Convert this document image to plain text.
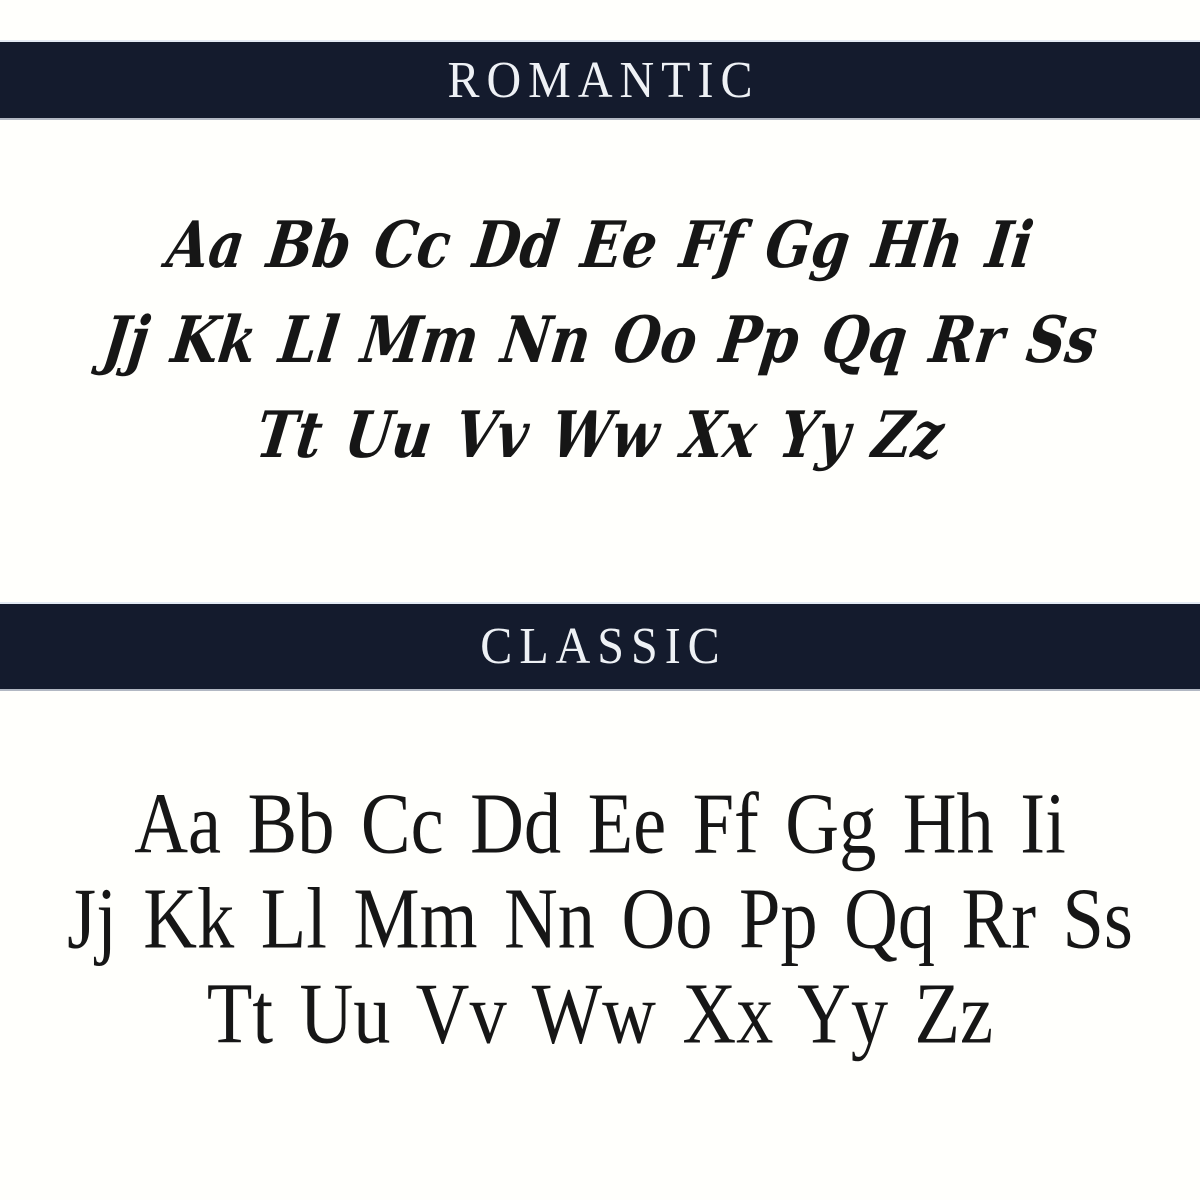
ROMANTIC
Aa Bb Cc Dd Ee Ff Gg Hh Ii
Jj Kk Ll Mm Nn Oo Pp Qq Rr Ss
Tt Uu Vv Ww Xx Yy Zz
CLASSIC
Aa Bb Cc Dd Ee Ff Gg Hh Ii
Jj Kk Ll Mm Nn Oo Pp Qq Rr Ss
Tt Uu Vv Ww Xx Yy Zz
